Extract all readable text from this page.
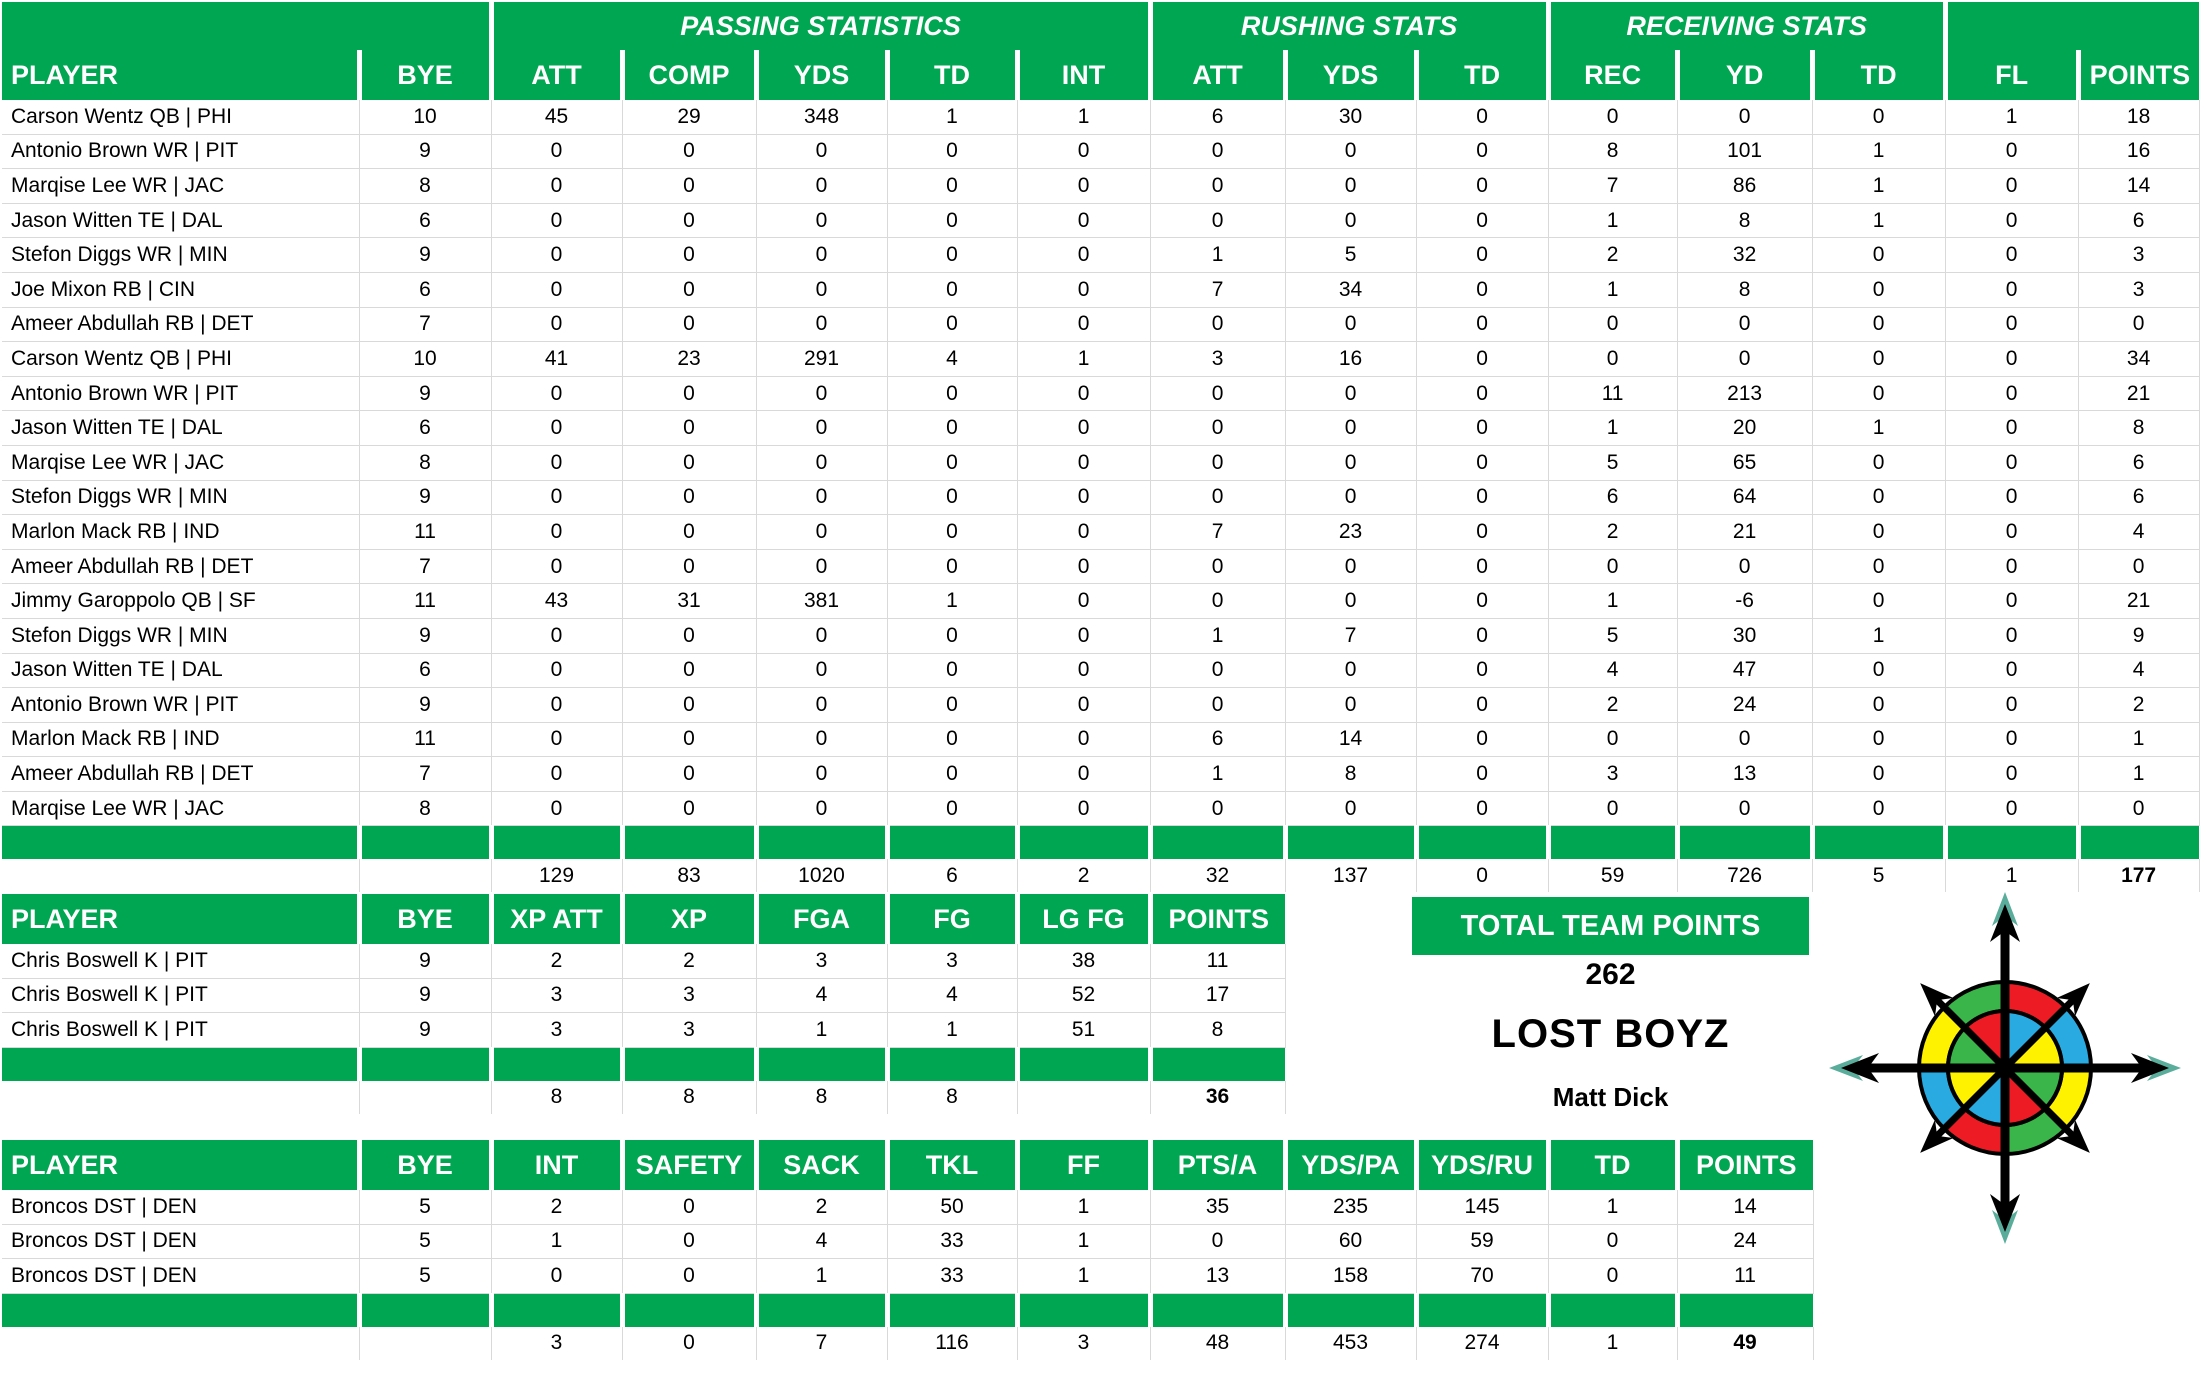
		PASSING STATISTICS					RUSHING STATS			RECEIVING STATS				
PLAYER	BYE	ATT	COMP	YDS	TD	INT	ATT	YDS	TD	REC	YD	TD	FL	POINTS
Carson Wentz QB | PHI	10	45	29	348	1	1	6	30	0	0	0	0	1	18
Antonio Brown WR | PIT	9	0	0	0	0	0	0	0	0	8	101	1	0	16
Marqise Lee WR | JAC	8	0	0	0	0	0	0	0	0	7	86	1	0	14
Jason Witten TE | DAL	6	0	0	0	0	0	0	0	0	1	8	1	0	6
Stefon Diggs WR | MIN	9	0	0	0	0	0	1	5	0	2	32	0	0	3
Joe Mixon RB | CIN	6	0	0	0	0	0	7	34	0	1	8	0	0	3
Ameer Abdullah RB | DET	7	0	0	0	0	0	0	0	0	0	0	0	0	0
Carson Wentz QB | PHI	10	41	23	291	4	1	3	16	0	0	0	0	0	34
Antonio Brown WR | PIT	9	0	0	0	0	0	0	0	0	11	213	0	0	21
Jason Witten TE | DAL	6	0	0	0	0	0	0	0	0	1	20	1	0	8
Marqise Lee WR | JAC	8	0	0	0	0	0	0	0	0	5	65	0	0	6
Stefon Diggs WR | MIN	9	0	0	0	0	0	0	0	0	6	64	0	0	6
Marlon Mack RB | IND	11	0	0	0	0	0	7	23	0	2	21	0	0	4
Ameer Abdullah RB | DET	7	0	0	0	0	0	0	0	0	0	0	0	0	0
Jimmy Garoppolo QB | SF	11	43	31	381	1	0	0	0	0	1	-6	0	0	21
Stefon Diggs WR | MIN	9	0	0	0	0	0	1	7	0	5	30	1	0	9
Jason Witten TE | DAL	6	0	0	0	0	0	0	0	0	4	47	0	0	4
Antonio Brown WR | PIT	9	0	0	0	0	0	0	0	0	2	24	0	0	2
Marlon Mack RB | IND	11	0	0	0	0	0	6	14	0	0	0	0	0	1
Ameer Abdullah RB | DET	7	0	0	0	0	0	1	8	0	3	13	0	0	1
Marqise Lee WR | JAC	8	0	0	0	0	0	0	0	0	0	0	0	0	0

		129	83	1020	6	2	32	137	0	59	726	5	1	177
PLAYER	BYE	XP ATT	XP	FGA	FG	LG FG	POINTS
Chris Boswell K | PIT	9	2	2	3	3	38	11
Chris Boswell K | PIT	9	3	3	4	4	52	17
Chris Boswell K | PIT	9	3	3	1	1	51	8

		8	8	8	8		36
PLAYER	BYE	INT	SAFETY	SACK	TKL	FF	PTS/A	YDS/PA	YDS/RU	TD	POINTS
Broncos DST | DEN	5	2	0	2	50	1	35	235	145	1	14
Broncos DST | DEN	5	1	0	4	33	1	0	60	59	0	24
Broncos DST | DEN	5	0	0	1	33	1	13	158	70	0	11

		3	0	7	116	3	48	453	274	1	49
TOTAL TEAM POINTS
262
LOST BOYZ
Matt Dick
